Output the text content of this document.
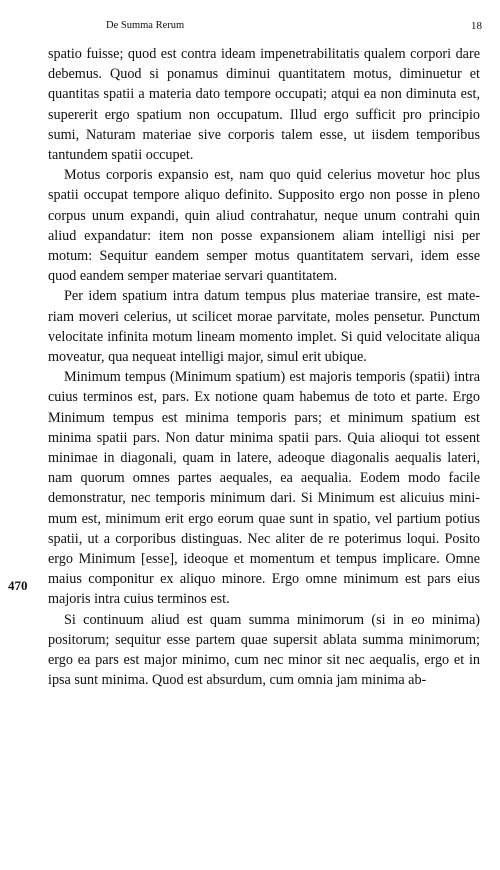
De Summa Rerum	18
470

spatio fuisse; quod est contra ideam impenetrabilitatis qualem corpori dare debemus. Quod si ponamus diminui quantitatem motus, diminuetur et quantitas spatii a materia dato tempore occupati; atqui ea non diminuta est, supererit ergo spatium non occupatum. Illud ergo sufficit pro principio sumi, Naturam materiae sive corporis talem esse, ut iisdem temporibus tantundem spatii occupet.

Motus corporis expansio est, nam quo quid celerius movetur hoc plus spatii occupat tempore aliquo definito. Supposito ergo non posse in pleno corpus unum expandi, quin aliud contrahatur, neque unum contrahi quin aliud expandatur: item non posse expansionem aliam intelligi nisi per motum: Sequitur eandem semper motus quantitatem servari, idem esse quod eandem semper materiae servari quantitatem.

Per idem spatium intra datum tempus plus materiae transire, est materiam moveri celerius, ut scilicet morae parvitate, moles pensetur. Punctum velocitate infinita motum lineam momento implet. Si quid velocitate aliqua moveatur, qua nequeat intelligi major, simul erit ubique.

Minimum tempus (Minimum spatium) est majoris temporis (spatii) intra cuius terminos est, pars. Ex notione quam habemus de toto et parte. Ergo Minimum tempus est minima temporis pars; et minimum spatium est minima spatii pars. Non datur minima spatii pars. Quia alioqui tot essent minimae in diagonali, quam in latere, adeoque diagonalis aequalis lateri, nam quorum omnes partes aequales, ea aequalia. Eodem modo facile demonstratur, nec temporis minimum dari. Si Minimum est alicuius minimum est, minimum erit ergo eorum quae sunt in spatio, vel partium potius spatii, ut a corporibus distinguas. Nec aliter de re poterimus loqui. Posito ergo Minimum [esse], ideoque et momentum et tempus implicare. Omne maius componitur ex aliquo minore. Ergo omne minimum est pars eius majoris intra cuius terminos est.

Si continuum aliud est quam summa minimorum (si in eo minima) positorum; sequitur esse partem quae supersit ablata summa minimorum; ergo ea pars est major minimo, cum nec minor sit nec aequalis, ergo et in ipsa sunt minima. Quod est absurdum, cum omnia jam minima ab-
